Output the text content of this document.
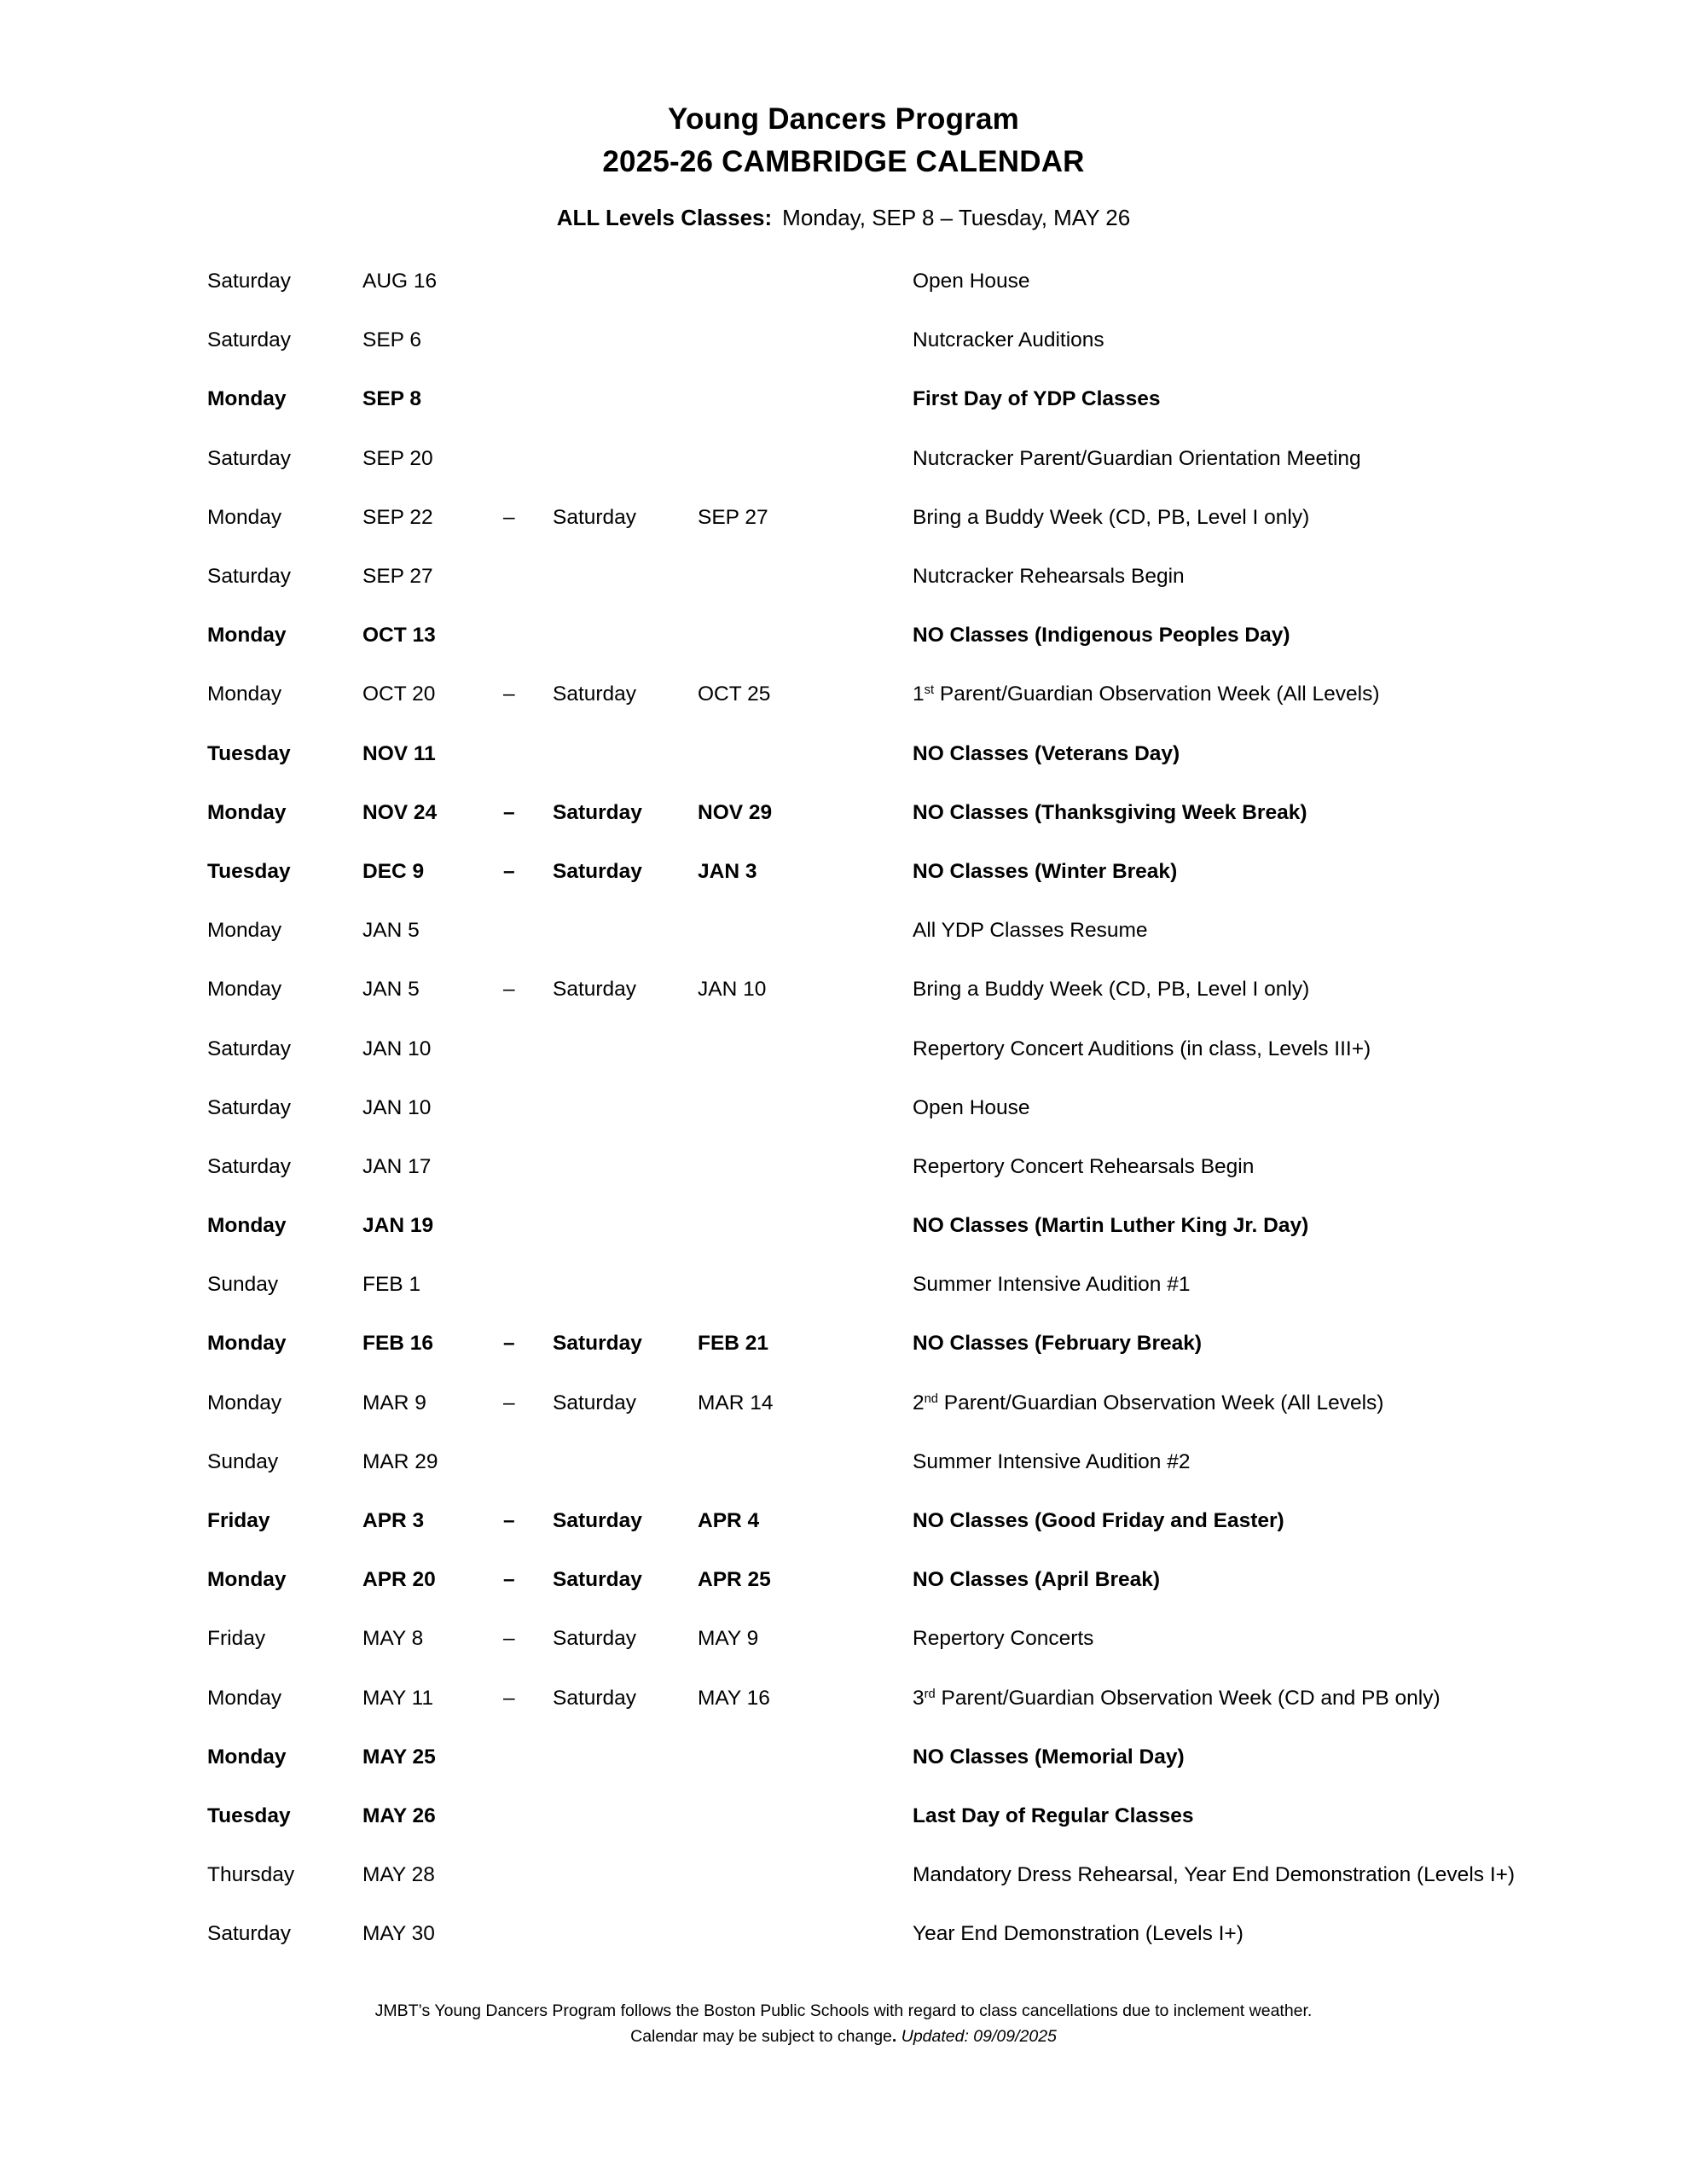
Young Dancers Program
2025-26 CAMBRIDGE CALENDAR
ALL Levels Classes: Monday, SEP 8 – Tuesday, MAY 26
Saturday	AUG 16	Open House
Saturday	SEP 6	Nutcracker Auditions
Monday	SEP 8	First Day of YDP Classes
Saturday	SEP 20	Nutcracker Parent/Guardian Orientation Meeting
Monday	SEP 22	–	Saturday	SEP 27	Bring a Buddy Week (CD, PB, Level I only)
Saturday	SEP 27	Nutcracker Rehearsals Begin
Monday	OCT 13	NO Classes (Indigenous Peoples Day)
Monday	OCT 20	–	Saturday	OCT 25	1st Parent/Guardian Observation Week (All Levels)
Tuesday	NOV 11	NO Classes (Veterans Day)
Monday	NOV 24	–	Saturday	NOV 29	NO Classes (Thanksgiving Week Break)
Tuesday	DEC 9	–	Saturday	JAN 3	NO Classes (Winter Break)
Monday	JAN 5	All YDP Classes Resume
Monday	JAN 5	–	Saturday	JAN 10	Bring a Buddy Week (CD, PB, Level I only)
Saturday	JAN 10	Repertory Concert Auditions (in class, Levels III+)
Saturday	JAN 10	Open House
Saturday	JAN 17	Repertory Concert Rehearsals Begin
Monday	JAN 19	NO Classes (Martin Luther King Jr. Day)
Sunday	FEB 1	Summer Intensive Audition #1
Monday	FEB 16	–	Saturday	FEB 21	NO Classes (February Break)
Monday	MAR 9	–	Saturday	MAR 14	2nd Parent/Guardian Observation Week (All Levels)
Sunday	MAR 29	Summer Intensive Audition #2
Friday	APR 3	–	Saturday	APR 4	NO Classes (Good Friday and Easter)
Monday	APR 20	–	Saturday	APR 25	NO Classes (April Break)
Friday	MAY 8	–	Saturday	MAY 9	Repertory Concerts
Monday	MAY 11	–	Saturday	MAY 16	3rd Parent/Guardian Observation Week (CD and PB only)
Monday	MAY 25	NO Classes (Memorial Day)
Tuesday	MAY 26	Last Day of Regular Classes
Thursday	MAY 28	Mandatory Dress Rehearsal, Year End Demonstration (Levels I+)
Saturday	MAY 30	Year End Demonstration (Levels I+)
JMBT’s Young Dancers Program follows the Boston Public Schools with regard to class cancellations due to inclement weather.
Calendar may be subject to change. Updated: 09/09/2025
